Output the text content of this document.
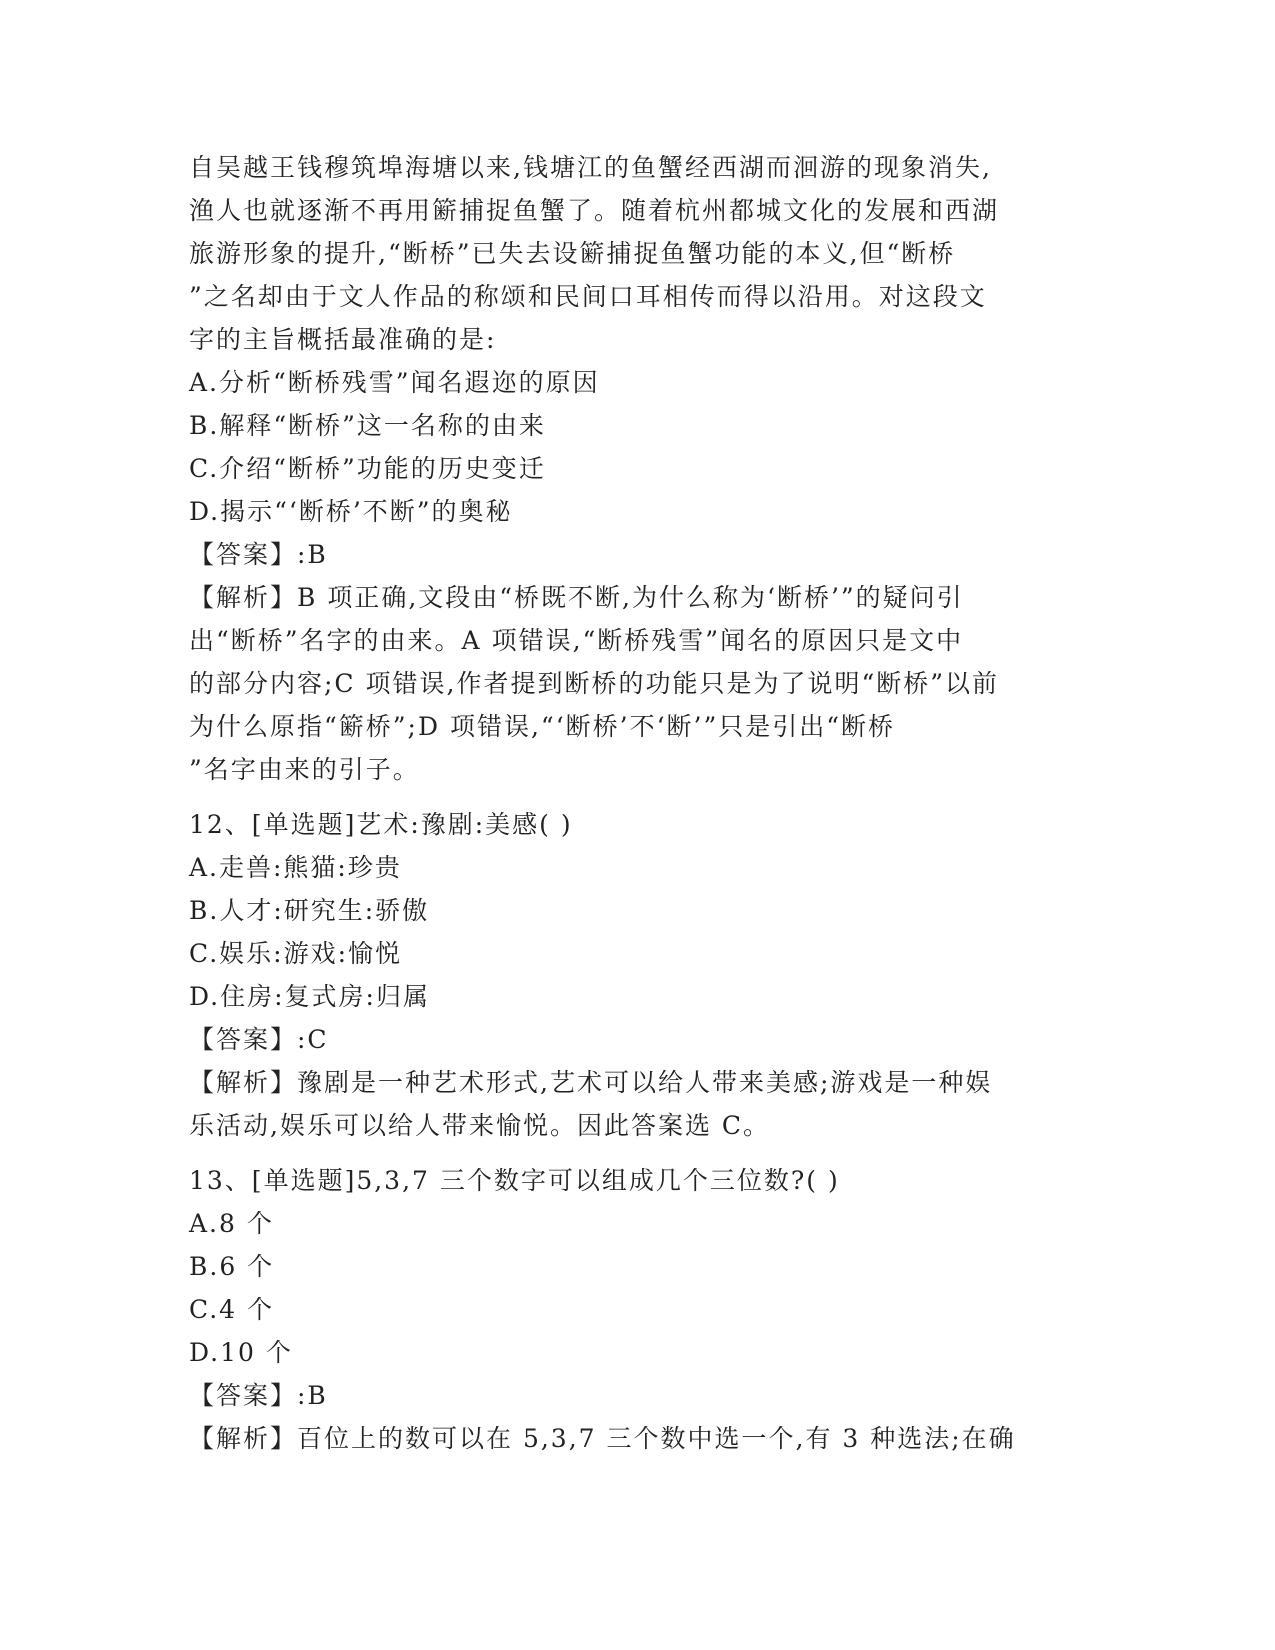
自吴越王钱穆筑埠海塘以来,钱塘江的鱼蟹经西湖而洄游的现象消失,
渔人也就逐渐不再用簖捕捉鱼蟹了。随着杭州都城文化的发展和西湖
旅游形象的提升,“断桥”已失去设簖捕捉鱼蟹功能的本义,但“断桥
”之名却由于文人作品的称颂和民间口耳相传而得以沿用。对这段文
字的主旨概括最准确的是:
A.分析“断桥残雪”闻名遐迩的原因
B.解释“断桥”这一名称的由来
C.介绍“断桥”功能的历史变迁
D.揭示“‘断桥’不断”的奥秘
【答案】:B
【解析】B 项正确,文段由“桥既不断,为什么称为‘断桥’”的疑问引
出“断桥”名字的由来。A 项错误,“断桥残雪”闻名的原因只是文中
的部分内容;C 项错误,作者提到断桥的功能只是为了说明“断桥”以前
为什么原指“簖桥”;D 项错误,“‘断桥’不‘断’”只是引出“断桥
”名字由来的引子。
12、[单选题]艺术:豫剧:美感( )
A.走兽:熊猫:珍贵
B.人才:研究生:骄傲
C.娱乐:游戏:愉悦
D.住房:复式房:归属
【答案】:C
【解析】豫剧是一种艺术形式,艺术可以给人带来美感;游戏是一种娱
乐活动,娱乐可以给人带来愉悦。因此答案选 C。
13、[单选题]5,3,7 三个数字可以组成几个三位数?( )
A.8 个
B.6 个
C.4 个
D.10 个
【答案】:B
【解析】百位上的数可以在 5,3,7 三个数中选一个,有 3 种选法;在确
